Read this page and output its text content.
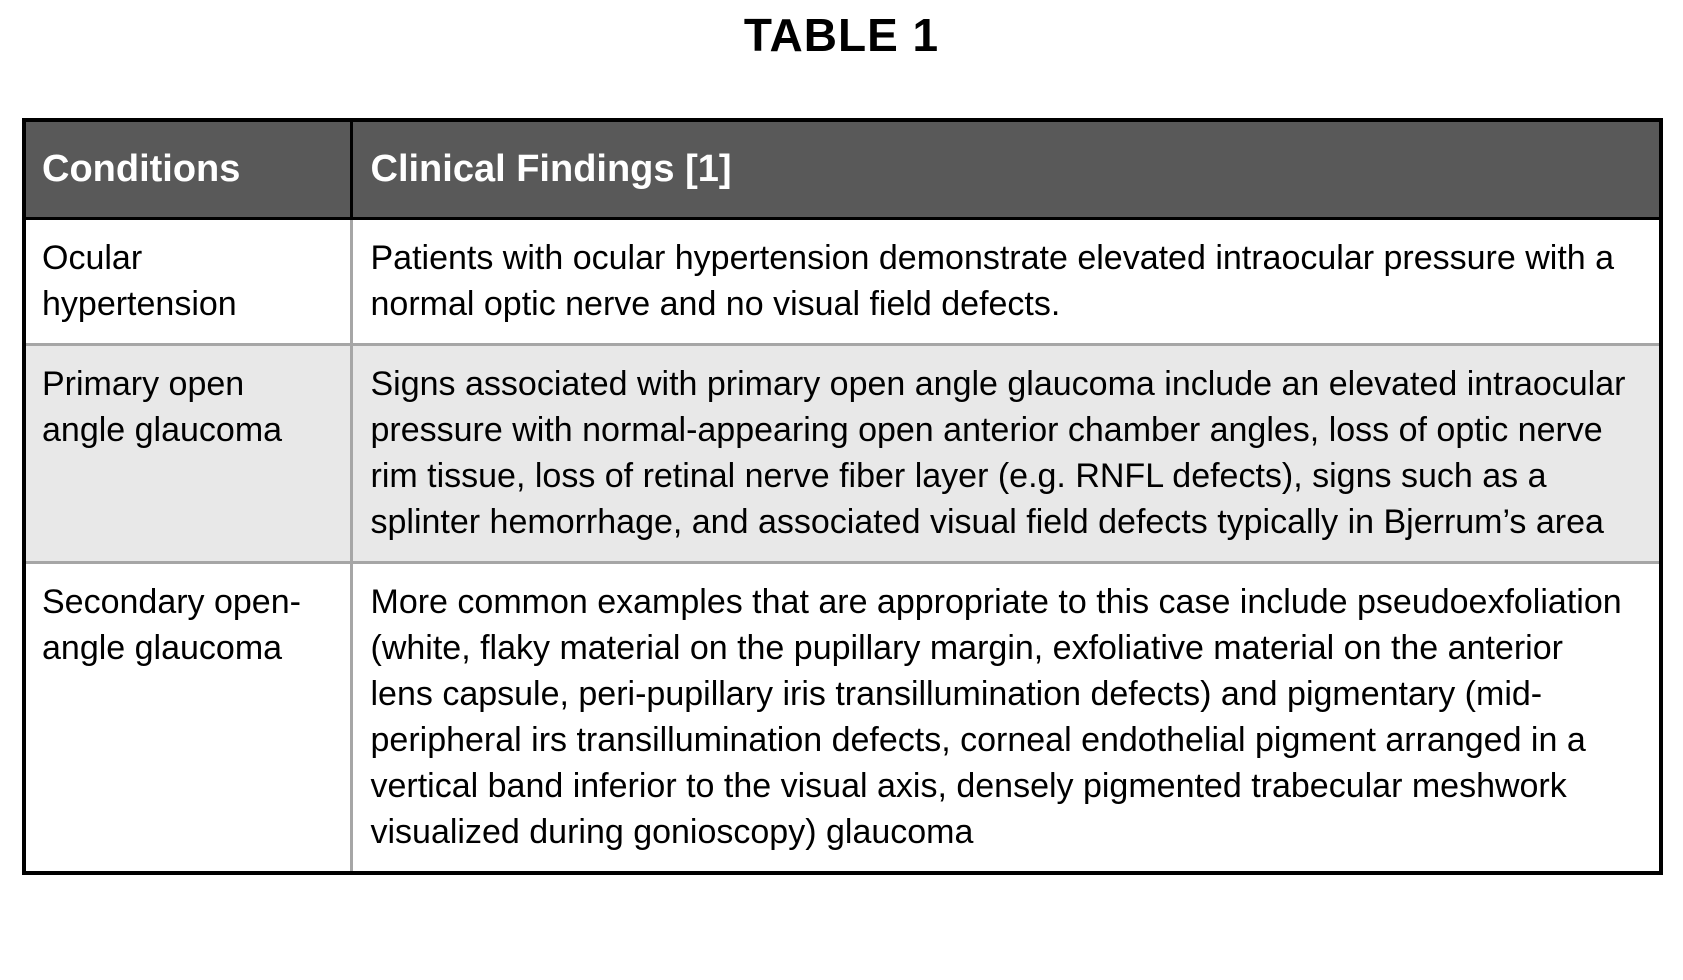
TABLE 1
Conditions	Clinical Findings [1]
Ocular hypertension	Patients with ocular hypertension demonstrate elevated intraocular pressure with a normal optic nerve and no visual field defects.
Primary open angle glaucoma	Signs associated with primary open angle glaucoma include an elevated intraocular pressure with normal-appearing open anterior chamber angles, loss of optic nerve rim tissue, loss of retinal nerve fiber layer (e.g. RNFL defects), signs such as a splinter hemorrhage, and associated visual field defects typically in Bjerrum’s area
Secondary open-angle glaucoma	More common examples that are appropriate to this case include pseudoexfoliation (white, flaky material on the pupillary margin, exfoliative material on the anterior lens capsule, peri-pupillary iris transillumination defects) and pigmentary (mid-peripheral irs transillumination defects, corneal endothelial pigment arranged in a vertical band inferior to the visual axis, densely pigmented trabecular meshwork visualized during gonioscopy) glaucoma
